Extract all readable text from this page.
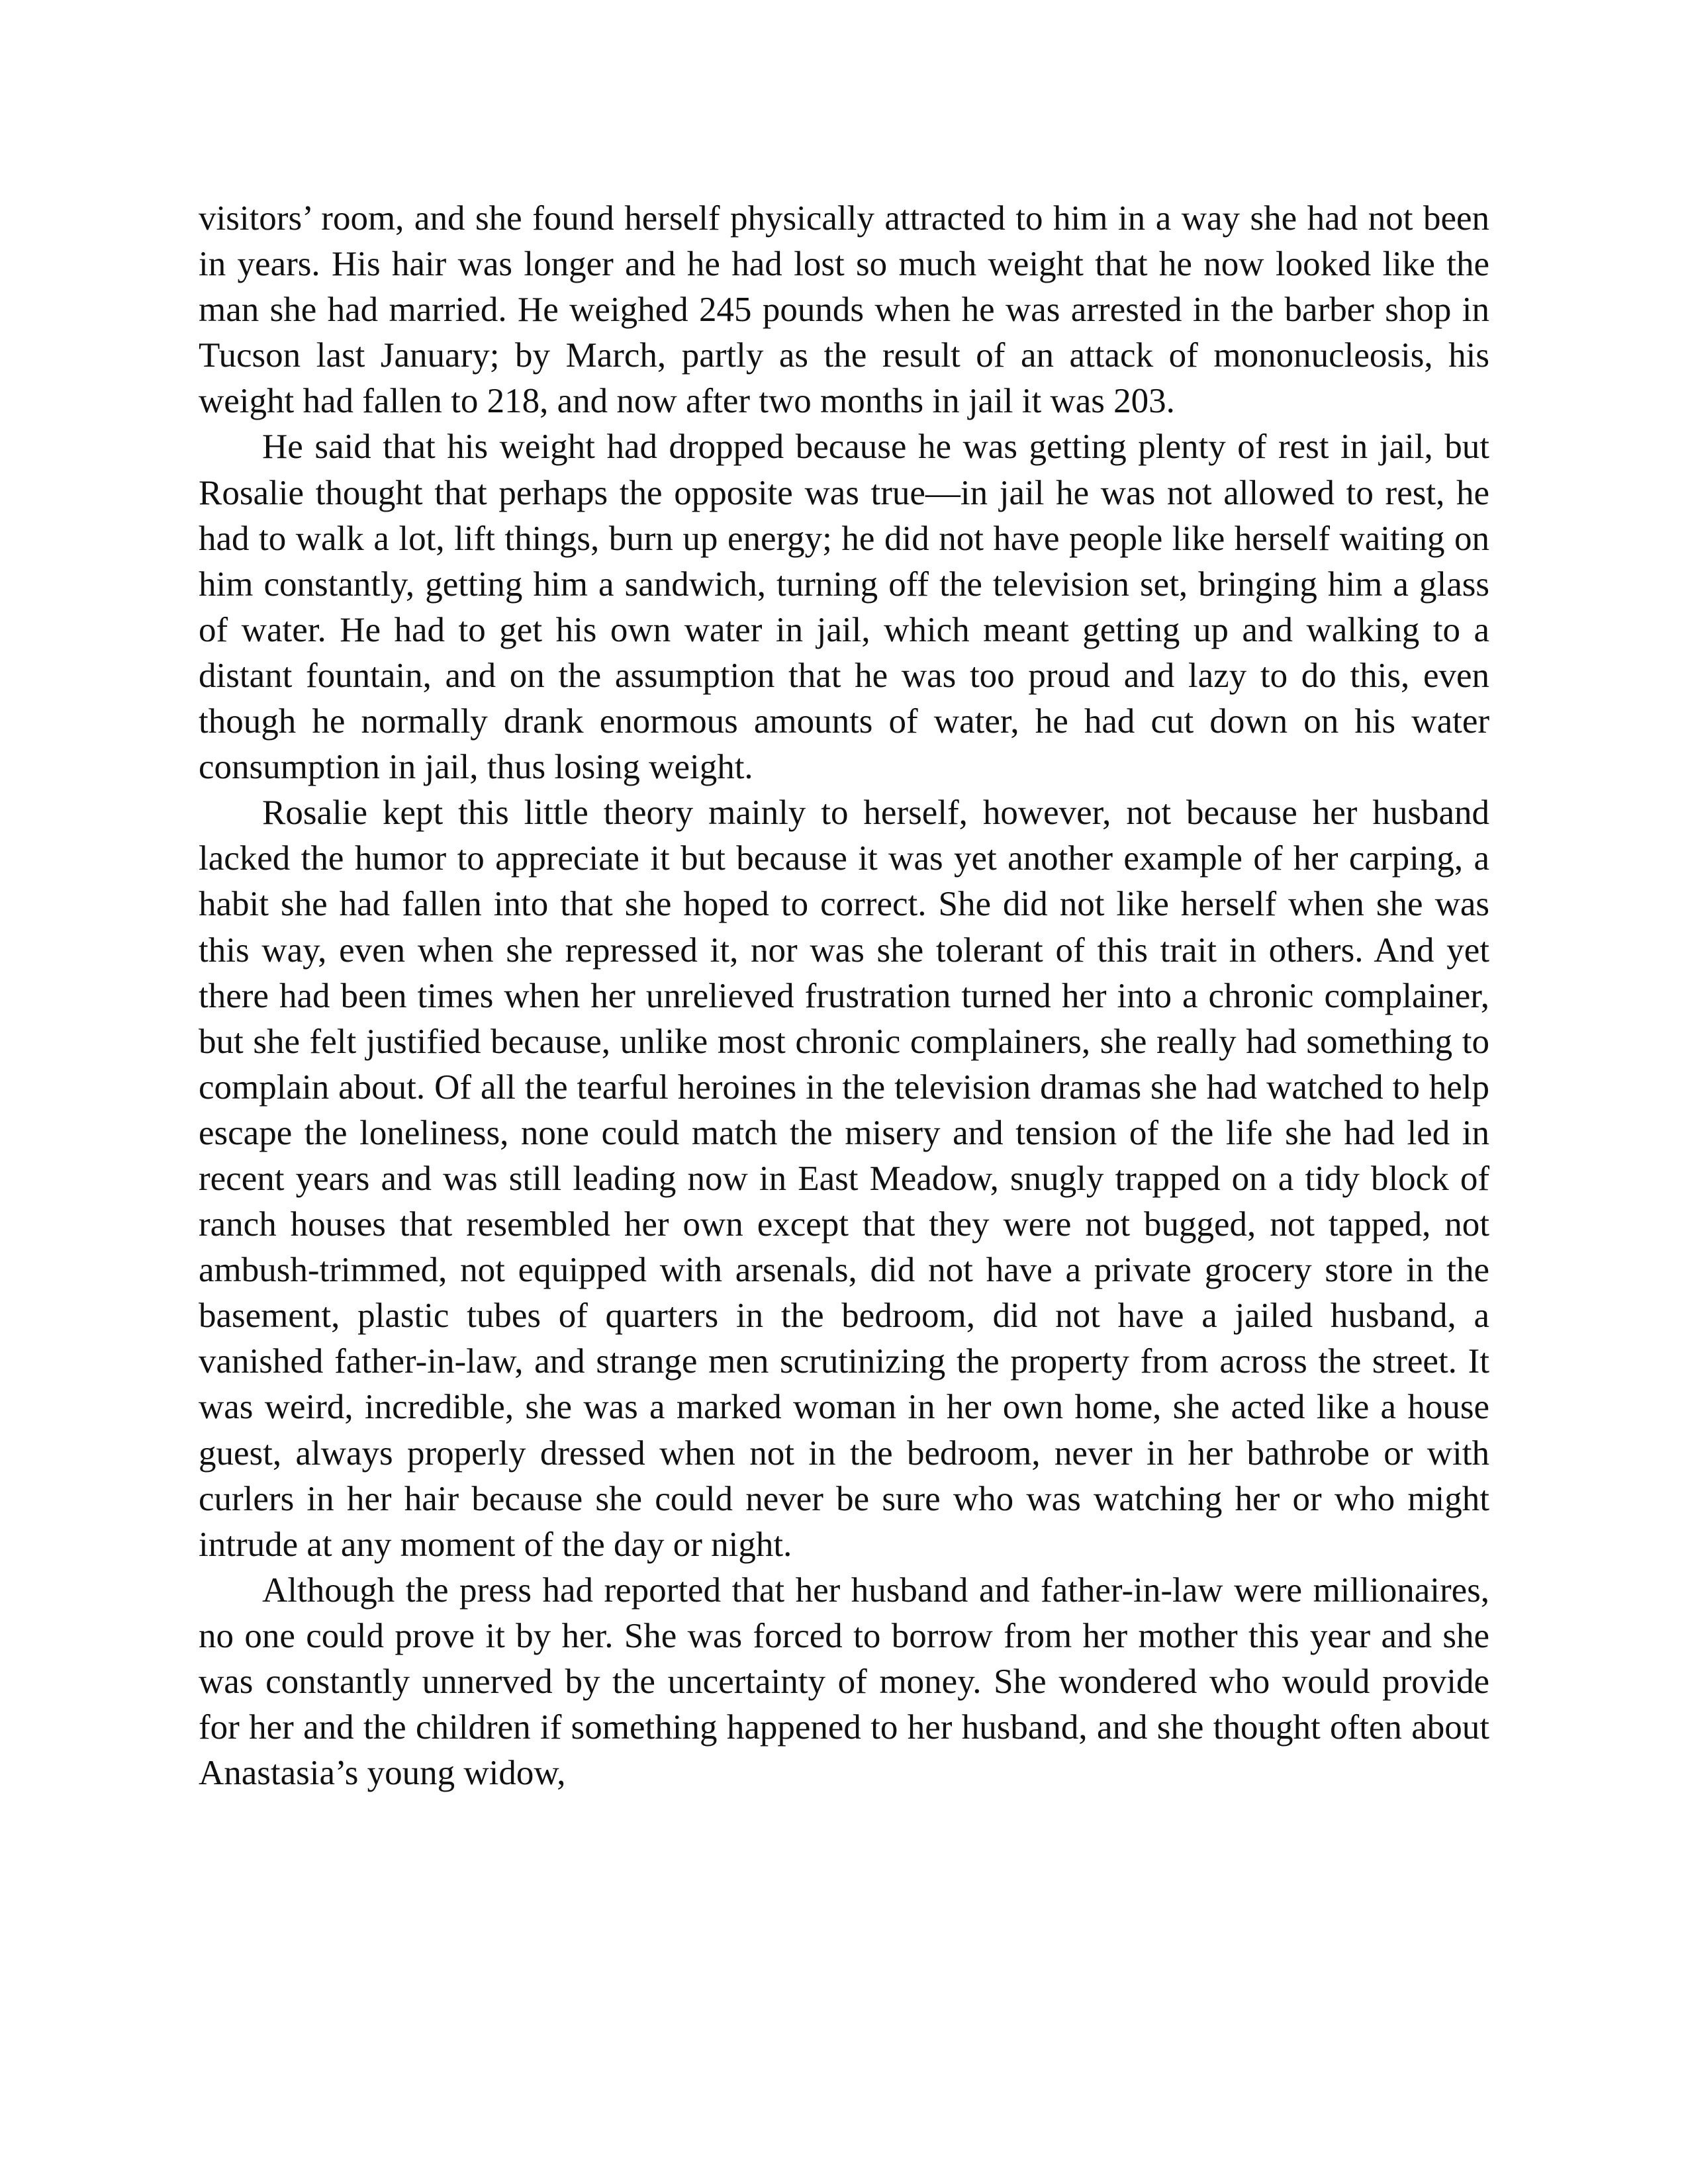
visitors’ room, and she found herself physically attracted to him in a way she had not been in years. His hair was longer and he had lost so much weight that he now looked like the man she had married. He weighed 245 pounds when he was arrested in the barber shop in Tucson last January; by March, partly as the result of an attack of mononucleosis, his weight had fallen to 218, and now after two months in jail it was 203.

He said that his weight had dropped because he was getting plenty of rest in jail, but Rosalie thought that perhaps the opposite was true—in jail he was not allowed to rest, he had to walk a lot, lift things, burn up energy; he did not have people like herself waiting on him constantly, getting him a sandwich, turning off the television set, bringing him a glass of water. He had to get his own water in jail, which meant getting up and walking to a distant fountain, and on the assumption that he was too proud and lazy to do this, even though he normally drank enormous amounts of water, he had cut down on his water consumption in jail, thus losing weight.

Rosalie kept this little theory mainly to herself, however, not because her husband lacked the humor to appreciate it but because it was yet another example of her carping, a habit she had fallen into that she hoped to correct. She did not like herself when she was this way, even when she repressed it, nor was she tolerant of this trait in others. And yet there had been times when her unrelieved frustration turned her into a chronic complainer, but she felt justified because, unlike most chronic complainers, she really had something to complain about. Of all the tearful heroines in the television dramas she had watched to help escape the loneliness, none could match the misery and tension of the life she had led in recent years and was still leading now in East Meadow, snugly trapped on a tidy block of ranch houses that resembled her own except that they were not bugged, not tapped, not ambush-trimmed, not equipped with arsenals, did not have a private grocery store in the basement, plastic tubes of quarters in the bedroom, did not have a jailed husband, a vanished father-in-law, and strange men scrutinizing the property from across the street. It was weird, incredible, she was a marked woman in her own home, she acted like a house guest, always properly dressed when not in the bedroom, never in her bathrobe or with curlers in her hair because she could never be sure who was watching her or who might intrude at any moment of the day or night.

Although the press had reported that her husband and father-in-law were millionaires, no one could prove it by her. She was forced to borrow from her mother this year and she was constantly unnerved by the uncertainty of money. She wondered who would provide for her and the children if something happened to her husband, and she thought often about Anastasia’s young widow,
